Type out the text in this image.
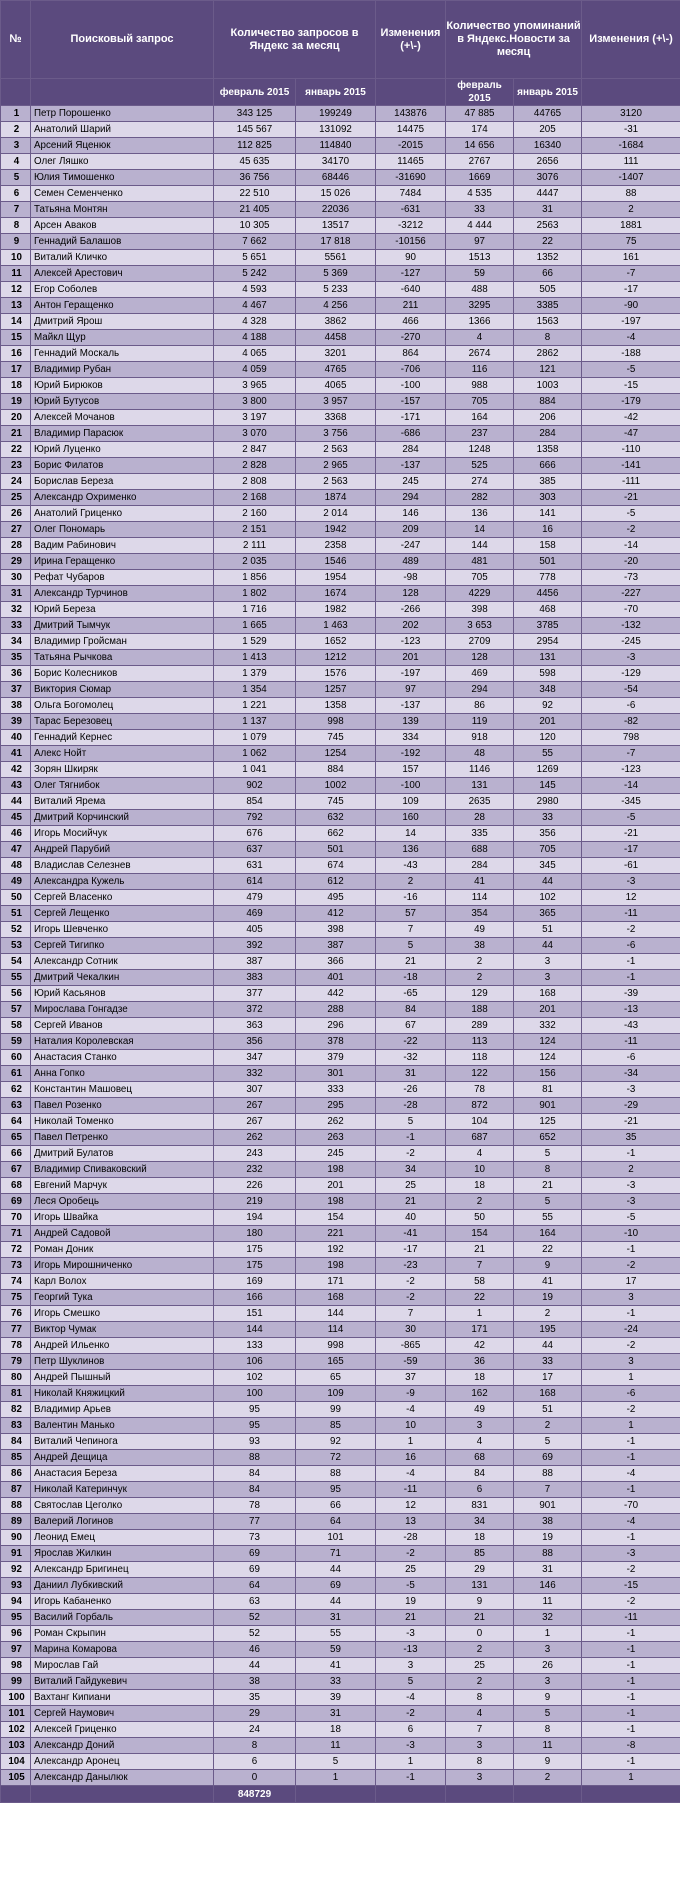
№	Поисковый запрос	Количество запросов в Яндекс за месяц		Изменения (+\-)	Количество упоминаний в Яндекс.Новости за месяц		Изменения (+\-)
		февраль 2015	январь 2015		февраль 2015	январь 2015	
1	Петр Порошенко	343 125	199249	143876	47 885	44765	3120
2	Анатолий Шарий	145 567	131092	14475	174	205	-31
3	Арсений Яценюк	112 825	114840	-2015	14 656	16340	-1684
4	Олег Ляшко	45 635	34170	11465	2767	2656	111
5	Юлия Тимошенко	36 756	68446	-31690	1669	3076	-1407
6	Семен Семенченко	22 510	15 026	7484	4 535	4447	88
7	Татьяна Монтян	21 405	22036	-631	33	31	2
8	Арсен Аваков	10 305	13517	-3212	4 444	2563	1881
9	Геннадий Балашов	7 662	17 818	-10156	97	22	75
10	Виталий Кличко	5 651	5561	90	1513	1352	161
11	Алексей Арестович	5 242	5 369	-127	59	66	-7
12	Егор Соболев	4 593	5 233	-640	488	505	-17
13	Антон Геращенко	4 467	4 256	211	3295	3385	-90
14	Дмитрий Ярош	4 328	3862	466	1366	1563	-197
15	Майкл Щур	4 188	4458	-270	4	8	-4
16	Геннадий Москаль	4 065	3201	864	2674	2862	-188
17	Владимир Рубан	4 059	4765	-706	116	121	-5
18	Юрий Бирюков	3 965	4065	-100	988	1003	-15
19	Юрий Бутусов	3 800	3 957	-157	705	884	-179
20	Алексей Мочанов	3 197	3368	-171	164	206	-42
21	Владимир Парасюк	3 070	3 756	-686	237	284	-47
22	Юрий Луценко	2 847	2 563	284	1248	1358	-110
23	Борис Филатов	2 828	2 965	-137	525	666	-141
24	Борислав Береза	2 808	2 563	245	274	385	-111
25	Александр Охрименко	2 168	1874	294	282	303	-21
26	Анатолий Гриценко	2 160	2 014	146	136	141	-5
27	Олег Пономарь	2 151	1942	209	14	16	-2
28	Вадим Рабинович	2 111	2358	-247	144	158	-14
29	Ирина Геращенко	2 035	1546	489	481	501	-20
30	Рефат Чубаров	1 856	1954	-98	705	778	-73
31	Александр Турчинов	1 802	1674	128	4229	4456	-227
32	Юрий Береза	1 716	1982	-266	398	468	-70
33	Дмитрий Тымчук	1 665	1 463	202	3 653	3785	-132
34	Владимир Гройсман	1 529	1652	-123	2709	2954	-245
35	Татьяна Рычкова	1 413	1212	201	128	131	-3
36	Борис Колесников	1 379	1576	-197	469	598	-129
37	Виктория Сюмар	1 354	1257	97	294	348	-54
38	Ольга Богомолец	1 221	1358	-137	86	92	-6
39	Тарас Березовец	1 137	998	139	119	201	-82
40	Геннадий Кернес	1 079	745	334	918	120	798
41	Алекс Нойт	1 062	1254	-192	48	55	-7
42	Зорян Шкиряк	1 041	884	157	1146	1269	-123
43	Олег Тягнибок	902	1002	-100	131	145	-14
44	Виталий Ярема	854	745	109	2635	2980	-345
45	Дмитрий Корчинский	792	632	160	28	33	-5
46	Игорь Мосийчук	676	662	14	335	356	-21
47	Андрей Парубий	637	501	136	688	705	-17
48	Владислав Селезнев	631	674	-43	284	345	-61
49	Александра Кужель	614	612	2	41	44	-3
50	Сергей Власенко	479	495	-16	114	102	12
51	Сергей Лещенко	469	412	57	354	365	-11
52	Игорь Шевченко	405	398	7	49	51	-2
53	Сергей Тигипко	392	387	5	38	44	-6
54	Александр Сотник	387	366	21	2	3	-1
55	Дмитрий Чекалкин	383	401	-18	2	3	-1
56	Юрий Касьянов	377	442	-65	129	168	-39
57	Мирослава Гонгадзе	372	288	84	188	201	-13
58	Сергей Иванов	363	296	67	289	332	-43
59	Наталия Королевская	356	378	-22	113	124	-11
60	Анастасия Станко	347	379	-32	118	124	-6
61	Анна Гопко	332	301	31	122	156	-34
62	Константин Машовец	307	333	-26	78	81	-3
63	Павел Розенко	267	295	-28	872	901	-29
64	Николай Томенко	267	262	5	104	125	-21
65	Павел Петренко	262	263	-1	687	652	35
66	Дмитрий Булатов	243	245	-2	4	5	-1
67	Владимир Спиваковский	232	198	34	10	8	2
68	Евгений Марчук	226	201	25	18	21	-3
69	Леся Оробець	219	198	21	2	5	-3
70	Игорь Швайка	194	154	40	50	55	-5
71	Андрей Садовой	180	221	-41	154	164	-10
72	Роман Доник	175	192	-17	21	22	-1
73	Игорь Мирошниченко	175	198	-23	7	9	-2
74	Карл Волох	169	171	-2	58	41	17
75	Георгий Тука	166	168	-2	22	19	3
76	Игорь Смешко	151	144	7	1	2	-1
77	Виктор Чумак	144	114	30	171	195	-24
78	Андрей Ильенко	133	998	-865	42	44	-2
79	Петр Шуклинов	106	165	-59	36	33	3
80	Андрей Пышный	102	65	37	18	17	1
81	Николай Княжицкий	100	109	-9	162	168	-6
82	Владимир Арьев	95	99	-4	49	51	-2
83	Валентин Манько	95	85	10	3	2	1
84	Виталий Чепинога	93	92	1	4	5	-1
85	Андрей Дещица	88	72	16	68	69	-1
86	Анастасия Береза	84	88	-4	84	88	-4
87	Николай Катеринчук	84	95	-11	6	7	-1
88	Святослав Цеголко	78	66	12	831	901	-70
89	Валерий Логинов	77	64	13	34	38	-4
90	Леонид Емец	73	101	-28	18	19	-1
91	Ярослав Жилкин	69	71	-2	85	88	-3
92	Александр Бригинец	69	44	25	29	31	-2
93	Даниил Лубкивский	64	69	-5	131	146	-15
94	Игорь Кабаненко	63	44	19	9	11	-2
95	Василий Горбаль	52	31	21	21	32	-11
96	Роман Скрыпин	52	55	-3	0	1	-1
97	Марина Комарова	46	59	-13	2	3	-1
98	Мирослав Гай	44	41	3	25	26	-1
99	Виталий Гайдукевич	38	33	5	2	3	-1
100	Вахтанг Кипиани	35	39	-4	8	9	-1
101	Сергей Наумович	29	31	-2	4	5	-1
102	Алексей Гриценко	24	18	6	7	8	-1
103	Александр Доний	8	11	-3	3	11	-8
104	Александр Аронец	6	5	1	8	9	-1
105	Александр Данылюк	0	1	-1	3	2	1
		848729					
